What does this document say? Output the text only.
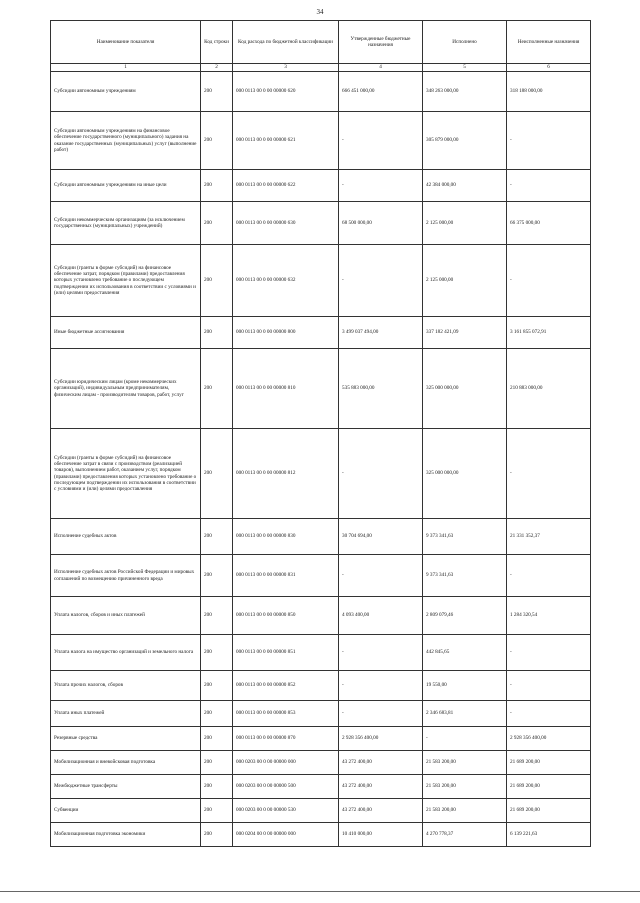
34
Наименование показателя	Код строки	Код расхода по бюджетной классификации	Утвержденные бюджетные назначения	Исполнено	Неисполненные назначения
1	2	3	4	5	6
Субсидии автономным учреждениям	200	000 0113 00 0 00 00000 620	666 451 000,00	348 263 000,00	318 188 000,00
Субсидии автономным учреждениям на финансовое обеспечение государственного (муниципального) задания на оказание государственных (муниципальных) услуг (выполнение работ)	200	000 0113 00 0 00 00000 621	-	305 879 000,00	-
Субсидии автономным учреждениям на иные цели	200	000 0113 00 0 00 00000 622	-	42 384 000,00	-
Субсидии некоммерческим организациям (за исключением государственных (муниципальных) учреждений)	200	000 0113 00 0 00 00000 630	68 500 000,00	2 125 000,00	66 375 000,00
Субсидии (гранты в форме субсидий) на финансовое обеспечение затрат, порядком (правилами) предоставления которых установлено требование о последующем подтверждении их использования в соответствии с условиями и (или) целями предоставления	200	000 0113 00 0 00 00000 632	-	2 125 000,00	-
Иные бюджетные ассигнования	200	000 0113 00 0 00 00000 800	3 499 037 494,00	337 182 421,09	3 161 855 072,91
Субсидии юридическим лицам (кроме некоммерческих организаций), индивидуальным предпринимателям, физическим лицам - производителям товаров, работ, услуг	200	000 0113 00 0 00 00000 810	535 883 000,00	325 000 000,00	210 883 000,00
Субсидии (гранты в форме субсидий) на финансовое обеспечение затрат в связи с производством (реализацией товаров), выполнением работ, оказанием услуг, порядком (правилами) предоставления которых установлено требование о последующем подтверждении их использования в соответствии с условиями и (или) целями предоставления	200	000 0113 00 0 00 00000 812	-	325 000 000,00	-
Исполнение судебных актов	200	000 0113 00 0 00 00000 830	30 704 694,00	9 373 341,63	21 331 352,37
Исполнение судебных актов Российской Федерации и мировых соглашений по возмещению причиненного вреда	200	000 0113 00 0 00 00000 831	-	9 373 341,63	-
Уплата налогов, сборов и иных платежей	200	000 0113 00 0 00 00000 850	4 093 400,00	2 809 079,46	1 284 320,54
Уплата налога на имущество организаций и земельного налога	200	000 0113 00 0 00 00000 851	-	442 845,65	-
Уплата прочих налогов, сборов	200	000 0113 00 0 00 00000 852	-	19 550,00	-
Уплата иных платежей	200	000 0113 00 0 00 00000 853	-	2 346 683,81	-
Резервные средства	200	000 0113 00 0 00 00000 870	2 928 356 400,00	-	2 928 356 400,00
Мобилизационная и вневойсковая подготовка	200	000 0203 00 0 00 00000 000	43 272 400,00	21 583 200,00	21 689 200,00
Межбюджетные трансферты	200	000 0203 00 0 00 00000 500	43 272 400,00	21 583 200,00	21 689 200,00
Субвенции	200	000 0203 00 0 00 00000 530	43 272 400,00	21 583 200,00	21 689 200,00
Мобилизационная подготовка экономики	200	000 0204 00 0 00 00000 000	10 410 000,00	4 270 778,37	6 139 221,63
